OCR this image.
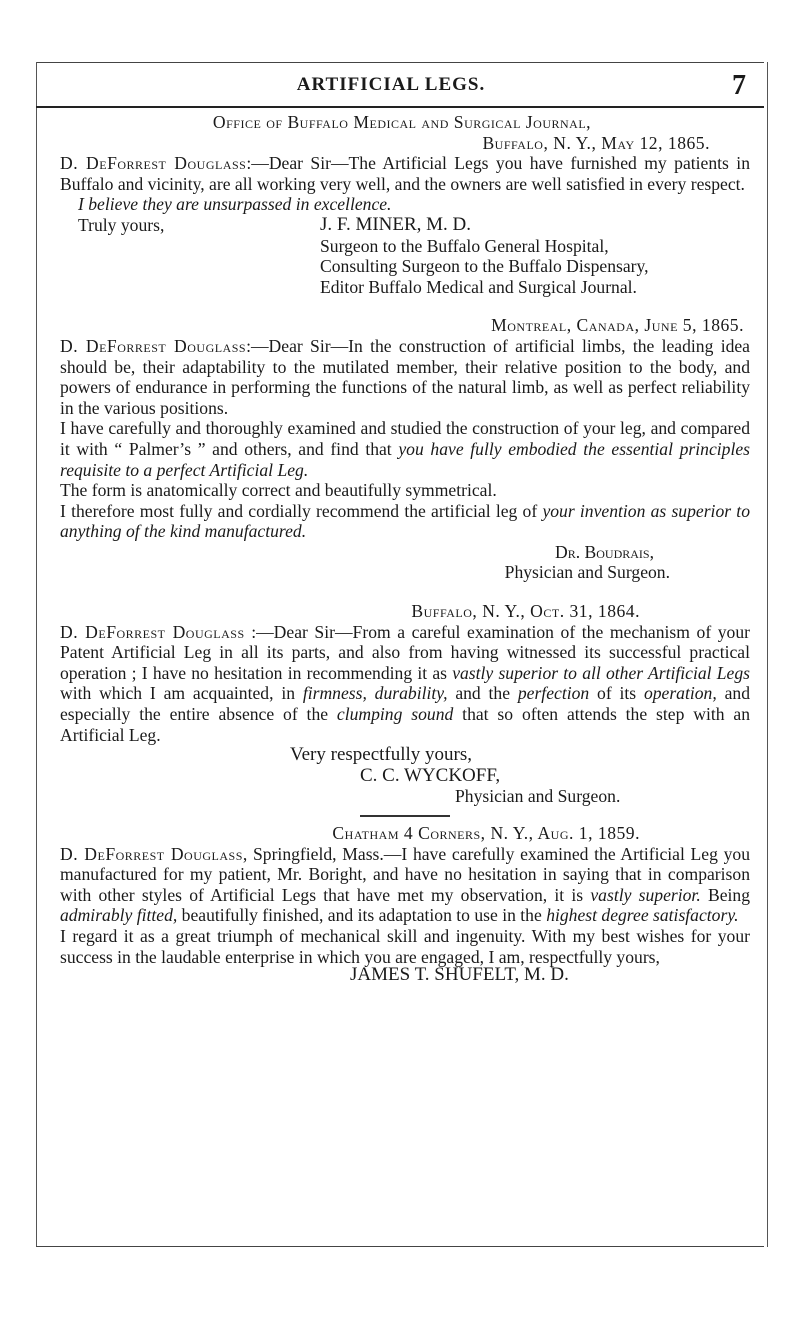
ARTIFICIAL LEGS.	7
Office of Buffalo Medical and Surgical Journal,
Buffalo, N. Y., May 12, 1865.

D. DeForrest Douglass:—Dear Sir—The Artificial Legs you have furnished my patients in Buffalo and vicinity, are all working very well, and the owners are well satisfied in every respect.

I believe they are unsurpassed in excellence.

Truly yours,	J. F. MINER, M. D.
Surgeon to the Buffalo General Hospital,
Consulting Surgeon to the Buffalo Dispensary,
Editor Buffalo Medical and Surgical Journal.
Montreal, Canada, June 5, 1865.

D. DeForrest Douglass:—Dear Sir—In the construction of artificial limbs, the leading idea should be, their adaptability to the mutilated member, their relative position to the body, and powers of endurance in performing the functions of the natural limb, as well as perfect reliability in the various positions.

I have carefully and thoroughly examined and studied the construction of your leg, and compared it with “ Palmer’s ” and others, and find that you have fully embodied the essential principles requisite to a perfect Artificial Leg.

The form is anatomically correct and beautifully symmetrical.

I therefore most fully and cordially recommend the artificial leg of your invention as superior to anything of the kind manufactured.

Dr. Boudrais,
Physician and Surgeon.
Buffalo, N. Y., Oct. 31, 1864.

D. DeForrest Douglass :—Dear Sir—From a careful examination of the mechanism of your Patent Artificial Leg in all its parts, and also from having witnessed its successful practical operation ; I have no hesitation in recommending it as vastly superior to all other Artificial Legs with which I am acquainted, in firmness, durability, and the perfection of its operation, and especially the entire absence of the clumping sound that so often attends the step with an Artificial Leg.

Very respectfully yours,
C. C. WYCKOFF,
Physician and Surgeon.
Chatham 4 Corners, N. Y., Aug. 1, 1859.

D. DeForrest Douglass, Springfield, Mass.—I have carefully examined the Artificial Leg you manufactured for my patient, Mr. Boright, and have no hesitation in saying that in comparison with other styles of Artificial Legs that have met my observation, it is vastly superior. Being admirably fitted, beautifully finished, and its adaptation to use in the highest degree satisfactory.

I regard it as a great triumph of mechanical skill and ingenuity. With my best wishes for your success in the laudable enterprise in which you are engaged, I am, respectfully yours,

JAMES T. SHUFELT, M. D.
